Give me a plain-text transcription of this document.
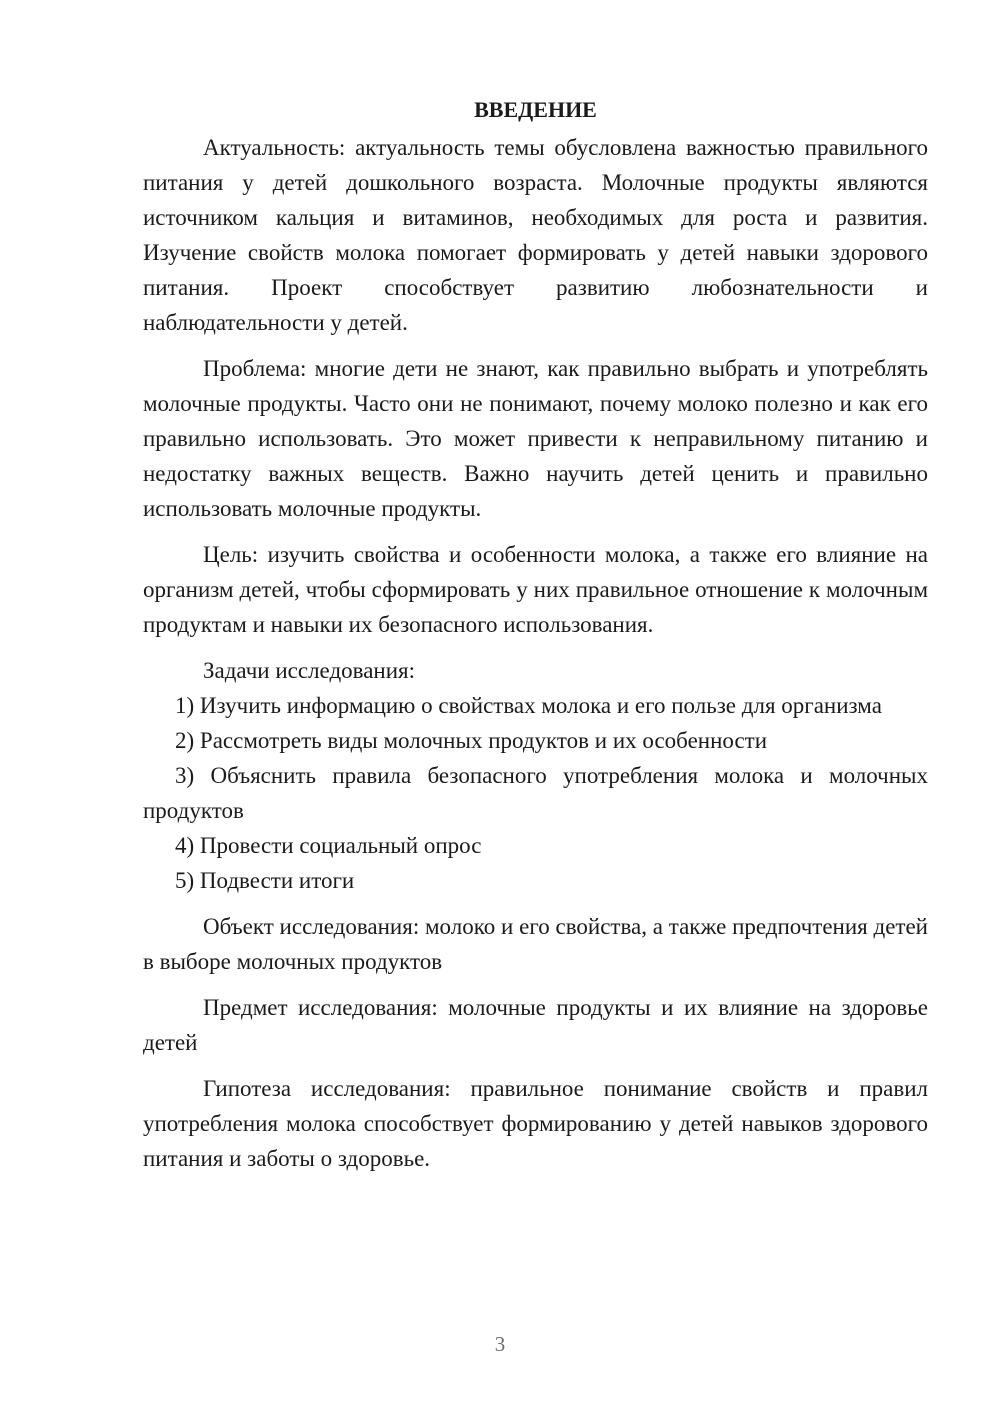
ВВЕДЕНИЕ

Актуальность: актуальность темы обусловлена важностью правильного питания у детей дошкольного возраста. Молочные продукты являются источником кальция и витаминов, необходимых для роста и развития. Изучение свойств молока помогает формировать у детей навыки здорового питания. Проект способствует развитию любознательности и наблюдательности у детей.

Проблема: многие дети не знают, как правильно выбрать и употреблять молочные продукты. Часто они не понимают, почему молоко полезно и как его правильно использовать. Это может привести к неправильному питанию и недостатку важных веществ. Важно научить детей ценить и правильно использовать молочные продукты.

Цель: изучить свойства и особенности молока, а также его влияние на организм детей, чтобы сформировать у них правильное отношение к молочным продуктам и навыки их безопасного использования.

Задачи исследования:

1) Изучить информацию о свойствах молока и его пользе для организма

2) Рассмотреть виды молочных продуктов и их особенности

3) Объяснить правила безопасного употребления молока и молочных продуктов

4) Провести социальный опрос

5) Подвести итоги

Объект исследования: молоко и его свойства, а также предпочтения детей в выборе молочных продуктов

Предмет исследования: молочные продукты и их влияние на здоровье детей

Гипотеза исследования: правильное понимание свойств и правил употребления молока способствует формированию у детей навыков здорового питания и заботы о здоровье.

3
